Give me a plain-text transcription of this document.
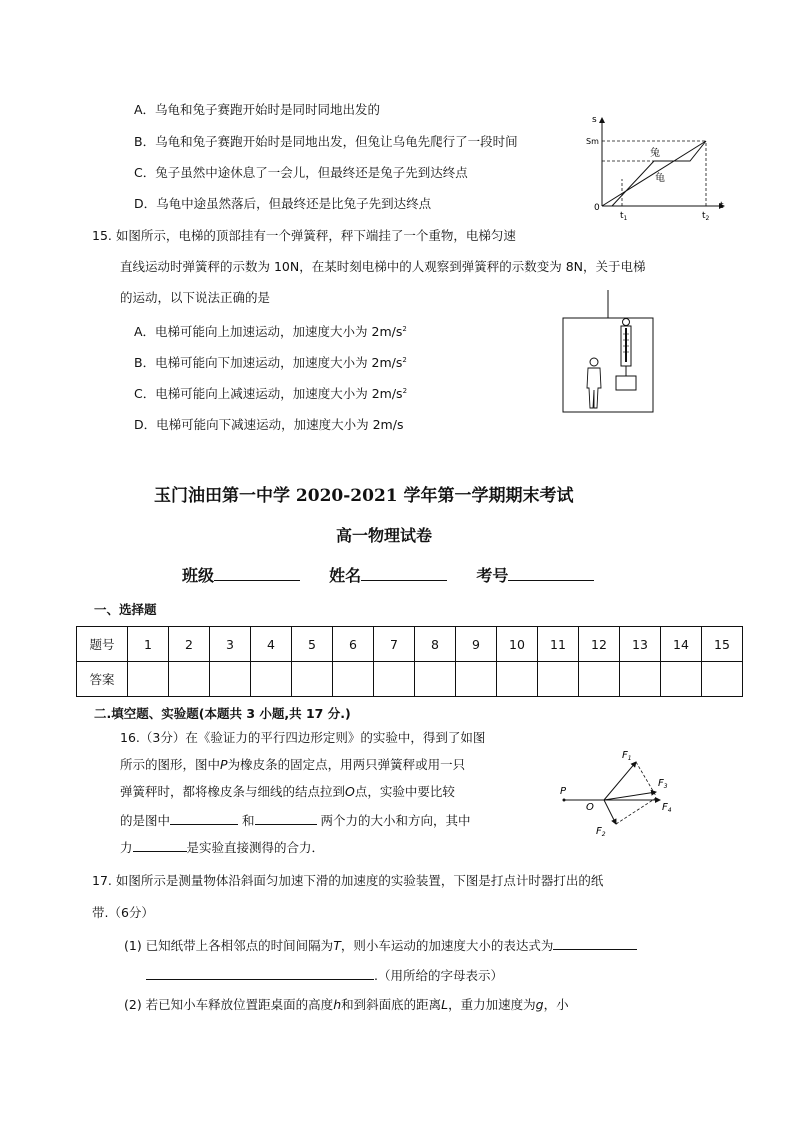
A．乌龟和兔子赛跑开始时是同时同地出发的
B．乌龟和兔子赛跑开始时是同地出发，但兔让乌龟先爬行了一段时间
C．兔子虽然中途休息了一会儿，但最终还是兔子先到达终点
D．乌龟中途虽然落后，但最终还是比兔子先到达终点
s
Sm
0	t
$t_1$	$t_2$
兔
龟
15. 如图所示，电梯的顶部挂有一个弹簧秤，秤下端挂了一个重物，电梯匀速
直线运动时弹簧秤的示数为 10N，在某时刻电梯中的人观察到弹簧秤的示数变为 8N，关于电梯
的运动，以下说法正确的是
A．电梯可能向上加速运动，加速度大小为 $2m/s^2$
B．电梯可能向下加速运动，加速度大小为 $2m/s^2$
C．电梯可能向上减速运动，加速度大小为 $2m/s^2$
D．电梯可能向下减速运动，加速度大小为 2m/s
玉门油田第一中学 2020-2021 学年第一学期期末考试
高一物理试卷
班级	姓名	考号
一、选择题
题号	1	2	3	4	5	6	7	8	9	10	11	12	13	14	15
答案															
二.填空题、实验题(本题共 3 小题,共 17 分.)
16.（3分）在《验证力的平行四边形定则》的实验中，得到了如图
所示的图形，图中P为橡皮条的固定点，用两只弹簧秤或用一只
弹簧秤时，都将橡皮条与细线的结点拉到O点，实验中要比较
的是图中	和	两个力的大小和方向，其中
力	是实验直接测得的合力．
P
O
$F_1$
$F_2$
$F_3$
$F_4$
17. 如图所示是测量物体沿斜面匀加速下滑的加速度的实验装置，下图是打点计时器打出的纸
带.（6分）
(1) 已知纸带上各相邻点的时间间隔为T，则小车运动的加速度大小的表达式为
.（用所给的字母表示）
(2) 若已知小车释放位置距桌面的高度h和到斜面底的距离L，重力加速度为g，小
